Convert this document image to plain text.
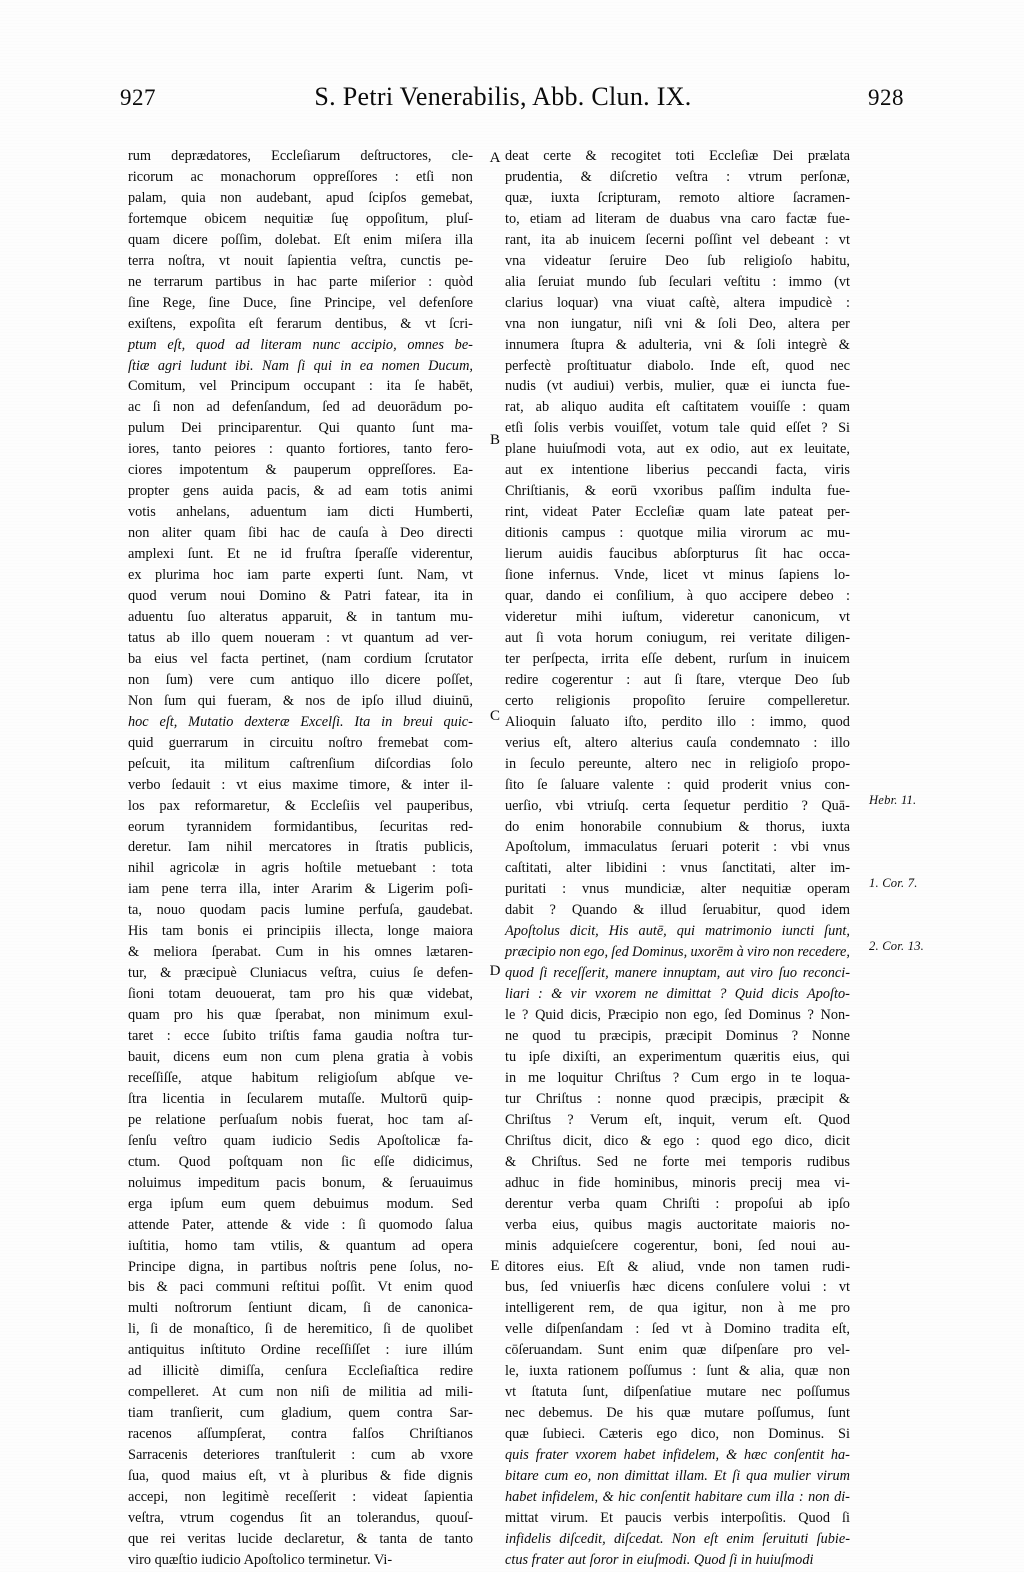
927	S. Petri Venerabilis, Abb. Clun. IX.	928
rum deprædatores, Eccleſiarum deſtructores, cle-
ricorum ac monachorum oppreſſores : etſi non
palam, quia non audebant, apud ſcipſos gemebat,
fortemque obicem nequitiæ ſuę oppoſitum, pluſ-
quam dicere poſſim, dolebat. Eſt enim miſera illa
terra noſtra, vt nouit ſapientia veſtra, cunctis pe-
ne terrarum partibus in hac parte miſerior : quòd
ſine Rege, ſine Duce, ſine Principe, vel defenſore
exiſtens, expoſita eſt ferarum dentibus, & vt ſcri-
ptum eſt, quod ad literam nunc accipio, omnes be-
ſtiæ agri ludunt ibi. Nam ſi qui in ea nomen Ducum,
Comitum, vel Principum occupant : ita ſe habēt,
ac ſi non ad defenſandum, ſed ad deuorādum po-
pulum Dei principarentur. Qui quanto ſunt ma-
iores, tanto peiores : quanto fortiores, tanto fero-
ciores impotentum & pauperum oppreſſores. Ea-
propter gens auida pacis, & ad eam totis animi
votis anhelans, aduentum iam dicti Humberti,
non aliter quam ſibi hac de cauſa à Deo directi
amplexi ſunt. Et ne id fruſtra ſperaſſe viderentur,
ex plurima hoc iam parte experti ſunt. Nam, vt
quod verum noui Domino & Patri fatear, ita in
aduentu ſuo alteratus apparuit, & in tantum mu-
tatus ab illo quem noueram : vt quantum ad ver-
ba eius vel facta pertinet, (nam cordium ſcrutator
non ſum) vere cum antiquo illo dicere poſſet,
Non ſum qui fueram, & nos de ipſo illud diuinū,
hoc eſt, Mutatio dexteræ Excelſi. Ita in breui quic-
quid guerrarum in circuitu noſtro fremebat com-
peſcuit, ita militum caſtrenſium diſcordias ſolo
verbo ſedauit : vt eius maxime timore, & inter il-
los pax reformaretur, & Eccleſiis vel pauperibus,
eorum tyrannidem formidantibus, ſecuritas red-
deretur. Iam nihil mercatores in ſtratis publicis,
nihil agricolæ in agris hoſtile metuebant : tota
iam pene terra illa, inter Ararim & Ligerim poſi-
ta, nouo quodam pacis lumine perfuſa, gaudebat.
His tam bonis ei principiis illecta, longe maiora
& meliora ſperabat. Cum in his omnes lætaren-
tur, & præcipuè Cluniacus veſtra, cuius ſe defen-
ſioni totam deuouerat, tam pro his quæ videbat,
quam pro his quæ ſperabat, non minimum exul-
taret : ecce ſubito triſtis fama gaudia noſtra tur-
bauit, dicens eum non cum plena gratia à vobis
receſſiſſe, atque habitum religioſum abſque ve-
ſtra licentia in ſecularem mutaſſe. Multorū quip-
pe relatione perſuaſum nobis fuerat, hoc tam aſ-
ſenſu veſtro quam iudicio Sedis Apoſtolicæ fa-
ctum. Quod poſtquam non ſic eſſe didicimus,
noluimus impeditum pacis bonum, & ſeruauimus
erga ipſum eum quem debuimus modum. Sed
attende Pater, attende & vide : ſi quomodo ſalua
iuſtitia, homo tam vtilis, & quantum ad opera
Principe digna, in partibus noſtris pene ſolus, no-
bis & paci communi reſtitui poſſit. Vt enim quod
multi noſtrorum ſentiunt dicam, ſi de canonica-
li, ſi de monaſtico, ſi de heremitico, ſi de quolibet
antiquitus inſtituto Ordine receſſiſſet : iure illúm
ad illicitè dimiſſa, cenſura Eccleſiaſtica redire
compelleret. At cum non niſi de militia ad mili-
tiam tranſierit, cum gladium, quem contra Sar-
racenos aſſumpſerat, contra falſos Chriſtianos
Sarracenis deteriores tranſtulerit : cum ab vxore
ſua, quod maius eſt, vt à pluribus & fide dignis
accepi, non legitimè receſſerit : videat ſapientia
veſtra, vtrum cogendus ſit an tolerandus, quouſ-
que rei veritas lucide declaretur, & tanta de tanto
viro quæſtio iudicio Apoſtolico terminetur. Vi-
deat certe & recogitet toti Eccleſiæ Dei prælata
prudentia, & diſcretio veſtra : vtrum perſonæ,
quæ, iuxta ſcripturam, remoto altiore ſacramen-
to, etiam ad literam de duabus vna caro factæ fue-
rant, ita ab inuicem ſecerni poſſint vel debeant : vt
vna videatur ſeruire Deo ſub religioſo habitu,
alia ſeruiat mundo ſub ſeculari veſtitu : immo (vt
clarius loquar) vna viuat caſtè, altera impudicè :
vna non iungatur, niſi vni & ſoli Deo, altera per
innumera ſtupra & adulteria, vni & ſoli integrè &
perfectè proſtituatur diabolo. Inde eſt, quod nec
nudis (vt audiui) verbis, mulier, quæ ei iuncta fue-
rat, ab aliquo audita eſt caſtitatem vouiſſe : quam
etſi ſolis verbis vouiſſet, votum tale quid eſſet ? Si
plane huiuſmodi vota, aut ex odio, aut ex leuitate,
aut ex intentione liberius peccandi facta, viris
Chriſtianis, & eorū vxoribus paſſim indulta fue-
rint, videat Pater Eccleſiæ quam late pateat per-
ditionis campus : quotque milia virorum ac mu-
lierum auidis faucibus abſorpturus ſit hac occa-
ſione infernus. Vnde, licet vt minus ſapiens lo-
quar, dando ei conſilium, à quo accipere debeo :
videretur mihi iuſtum, videretur canonicum, vt
aut ſi vota horum coniugum, rei veritate diligen-
ter perſpecta, irrita eſſe debent, rurſum in inuicem
redire cogerentur : aut ſi ſtare, vterque Deo ſub
certo religionis propoſito ſeruire compelleretur.
Alioquin ſaluato iſto, perdito illo : immo, quod
verius eſt, altero alterius cauſa condemnato : illo
in ſeculo pereunte, altero nec in religioſo propo-
ſito ſe ſaluare valente : quid proderit vnius con-
uerſio, vbi vtriuſq. certa ſequetur perditio ? Quā-
do enim honorabile connubium & thorus, iuxta
Apoſtolum, immaculatus ſeruari poterit : vbi vnus
caſtitati, alter libidini : vnus ſanctitati, alter im-
puritati : vnus mundiciæ, alter nequitiæ operam
dabit ? Quando & illud ſeruabitur, quod idem
Apoſtolus dicit, His autē, qui matrimonio iuncti ſunt,
præcipio non ego, ſed Dominus, uxorēm à viro non recedere,
quod ſi receſſerit, manere innuptam, aut viro ſuo reconci-
liari : & vir vxorem ne dimittat ? Quid dicis Apoſto-
le ? Quid dicis, Præcipio non ego, ſed Dominus ? Non-
ne quod tu præcipis, præcipit Dominus ? Nonne
tu ipſe dixiſti, an experimentum quæritis eius, qui
in me loquitur Chriſtus ? Cum ergo in te loqua-
tur Chriſtus : nonne quod præcipis, præcipit &
Chriſtus ? Verum eſt, inquit, verum eſt. Quod
Chriſtus dicit, dico & ego : quod ego dico, dicit
& Chriſtus. Sed ne forte mei temporis rudibus
adhuc in fide hominibus, minoris precij mea vi-
derentur verba quam Chriſti : propoſui ab ipſo
verba eius, quibus magis auctoritate maioris no-
minis adquieſcere cogerentur, boni, ſed noui au-
ditores eius. Eſt & aliud, vnde non tamen rudi-
bus, ſed vniuerſis hæc dicens conſulere volui : vt
intelligerent rem, de qua igitur, non à me pro
velle diſpenſandam : ſed vt à Domino tradita eſt,
cōſeruandam. Sunt enim quæ diſpenſare pro vel-
le, iuxta rationem poſſumus : ſunt & alia, quæ non
vt ſtatuta ſunt, diſpenſatiue mutare nec poſſumus
nec debemus. De his quæ mutare poſſumus, ſunt
quæ ſubieci. Cæteris ego dico, non Dominus. Si
quis frater vxorem habet infidelem, & hæc conſentit ha-
bitare cum eo, non dimittat illam. Et ſi qua mulier virum
habet infidelem, & hic conſentit habitare cum illa : non di-
mittat virum. Et paucis verbis interpoſitis. Quod ſi
infidelis diſcedit, diſcedat. Non eſt enim ſeruituti ſubie-
ctus frater aut ſoror in eiuſmodi. Quod ſi in huiuſmodi
A
B
C
D
E
Hebr. 11.
1. Cor. 7.
2. Cor. 13.
